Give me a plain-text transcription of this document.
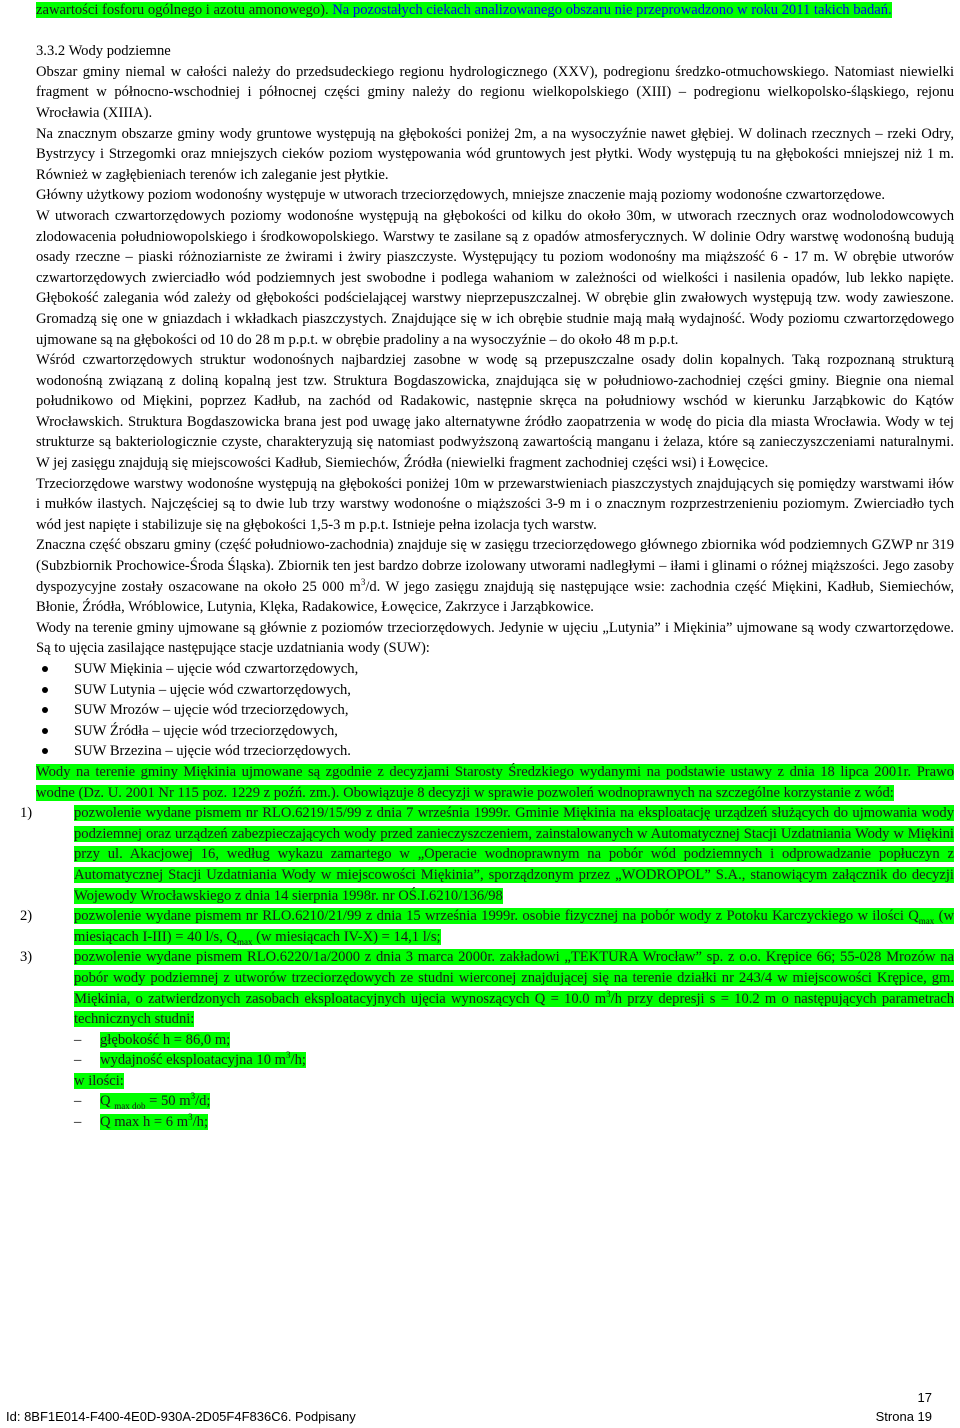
zawartości fosforu ogólnego i azotu amonowego). Na pozostałych ciekach analizowanego obszaru nie przeprowadzono w roku 2011 takich badań.

3.3.2 Wody podziemne

Obszar gminy niemal w całości należy do przedsudeckiego regionu hydrologicznego (XXV), podregionu średzko-otmuchowskiego. Natomiast niewielki fragment w północno-wschodniej i północnej części gminy należy do regionu wielkopolskiego (XIII) – podregionu wielkopolsko-śląskiego, rejonu Wrocławia (XIIIA).

Na znacznym obszarze gminy wody gruntowe występują na głębokości poniżej 2m, a na wysoczyźnie nawet głębiej. W dolinach rzecznych – rzeki Odry, Bystrzycy i Strzegomki oraz mniejszych cieków poziom występowania wód gruntowych jest płytki. Wody występują tu na głębokości mniejszej niż 1 m. Również w zagłębieniach terenów ich zaleganie jest płytkie.

Główny użytkowy poziom wodonośny występuje w utworach trzeciorzędowych, mniejsze znaczenie mają poziomy wodonośne czwartorzędowe.

W utworach czwartorzędowych poziomy wodonośne występują na głębokości od kilku do około 30m, w utworach rzecznych oraz wodnolodowcowych zlodowacenia południowopolskiego i środkowopolskiego. Warstwy te zasilane są z opadów atmosferycznych. W dolinie Odry warstwę wodonośną budują osady rzeczne – piaski różnoziarniste ze żwirami i żwiry piaszczyste. Występujący tu poziom wodonośny ma miąższość 6 - 17 m. W obrębie utworów czwartorzędowych zwierciadło wód podziemnych jest swobodne i podlega wahaniom w zależności od wielkości i nasilenia opadów, lub lekko napięte. Głębokość zalegania wód zależy od głębokości podścielającej warstwy nieprzepuszczalnej. W obrębie glin zwałowych występują tzw. wody zawieszone. Gromadzą się one w gniazdach i wkładkach piaszczystych. Znajdujące się w ich obrębie studnie mają małą wydajność. Wody poziomu czwartorzędowego ujmowane są na głębokości od 10 do 28 m p.p.t. w obrębie pradoliny a na wysoczyźnie – do około 48 m p.p.t.

Wśród czwartorzędowych struktur wodonośnych najbardziej zasobne w wodę są przepuszczalne osady dolin kopalnych. Taką rozpoznaną strukturą wodonośną związaną z doliną kopalną jest tzw. Struktura Bogdaszowicka, znajdująca się w południowo-zachodniej części gminy. Biegnie ona niemal południkowo od Miękini, poprzez Kadłub, na zachód od Radakowic, następnie skręca na południowy wschód w kierunku Jarząbkowic do Kątów Wrocławskich. Struktura Bogdaszowicka brana jest pod uwagę jako alternatywne źródło zaopatrzenia w wodę do picia dla miasta Wrocławia. Wody w tej strukturze są bakteriologicznie czyste, charakteryzują się natomiast podwyższoną zawartością manganu i żelaza, które są zanieczyszczeniami naturalnymi. W jej zasięgu znajdują się miejscowości Kadłub, Siemiechów, Źródła (niewielki fragment zachodniej części wsi) i Łowęcice.

Trzeciorzędowe warstwy wodonośne występują na głębokości poniżej 10m w przewarstwieniach piaszczystych znajdujących się pomiędzy warstwami iłów i mułków ilastych. Najczęściej są to dwie lub trzy warstwy wodonośne o miąższości 3-9 m i o znacznym rozprzestrzenieniu poziomym. Zwierciadło tych wód jest napięte i stabilizuje się na głębokości 1,5-3 m p.p.t. Istnieje pełna izolacja tych warstw.

Znaczna część obszaru gminy (część południowo-zachodnia) znajduje się w zasięgu trzeciorzędowego głównego zbiornika wód podziemnych GZWP nr 319 (Subzbiornik Prochowice-Środa Śląska). Zbiornik ten jest bardzo dobrze izolowany utworami nadległymi – iłami i glinami o różnej miąższości. Jego zasoby dyspozycyjne zostały oszacowane na około 25 000 $m^3/d$. W jego zasięgu znajdują się następujące wsie: zachodnia część Miękini, Kadłub, Siemiechów, Błonie, Źródła, Wróblowice, Lutynia, Klęka, Radakowice, Łowęcice, Zakrzyce i Jarząbkowice.

Wody na terenie gminy ujmowane są głównie z poziomów trzeciorzędowych. Jedynie w ujęciu „Lutynia” i Miękinia” ujmowane są wody czwartorzędowe. Są to ujęcia zasilające następujące stacje uzdatniania wody (SUW):

SUW Miękinia – ujęcie wód czwartorzędowych,
SUW Lutynia – ujęcie wód czwartorzędowych,
SUW Mrozów – ujęcie wód trzeciorzędowych,
SUW Źródła – ujęcie wód trzeciorzędowych,
SUW Brzezina – ujęcie wód trzeciorzędowych.

Wody na terenie gminy Miękinia ujmowane są zgodnie z decyzjami Starosty Średzkiego wydanymi na podstawie ustawy z dnia 18 lipca 2001r. Prawo wodne (Dz. U. 2001 Nr 115 poz. 1229 z poźń. zm.). Obowiązuje 8 decyzji w sprawie pozwoleń wodnoprawnych na szczególne korzystanie z wód:

1)	pozwolenie wydane pismem nr RLO.6219/15/99 z dnia 7 września 1999r. Gminie Miękinia na eksploatację urządzeń służących do ujmowania wody podziemnej oraz urządzeń zabezpieczających wody przed zanieczyszczeniem, zainstalowanych w Automatycznej Stacji Uzdatniania Wody w Miękini przy ul. Akacjowej 16, według wykazu zamartego w „Operacie wodnoprawnym na pobór wód podziemnych i odprowadzanie popłuczyn z Automatycznej Stacji Uzdatniania Wody w miejscowości Miękinia”, sporządzonym przez „WODROPOL” S.A., stanowiącym załącznik do decyzji Wojewody Wrocławskiego z dnia 14 sierpnia 1998r. nr OŚ.I.6210/136/98
2)	pozwolenie wydane pismem nr RLO.6210/21/99 z dnia 15 września 1999r. osobie fizycznej na pobór wody z Potoku Karczyckiego w ilości $Q_{max}$ (w miesiącach I-III) = 40 l/s, $Q_{max}$ (w miesiącach IV-X) = 14,1 l/s;
3)	pozwolenie wydane pismem RLO.6220/1a/2000 z dnia 3 marca 2000r. zakładowi „TEKTURA Wrocław” sp. z o.o. Krępice 66; 55-028 Mrozów na pobór wody podziemnej z utworów trzeciorzędowych ze studni wierconej znajdującej się na terenie działki nr 243/4 w miejscowości Krępice, gm. Miękinia, o zatwierdzonych zasobach eksploatacyjnych ujęcia wynoszących Q = 10.0 $m^3/h$ przy depresji s = 10.2 m o następujących parametrach technicznych studni:
– głębokość h = 86,0 m;
– wydajność eksploatacyjna 10 $m^3/h$;
w ilości:
– Q $_{max dob}$ = 50 $m^3/d$;
– Q max h = 6 $m^3/h$;
17
Id: 8BF1E014-F400-4E0D-930A-2D05F4F836C6. Podpisany	Strona 19
